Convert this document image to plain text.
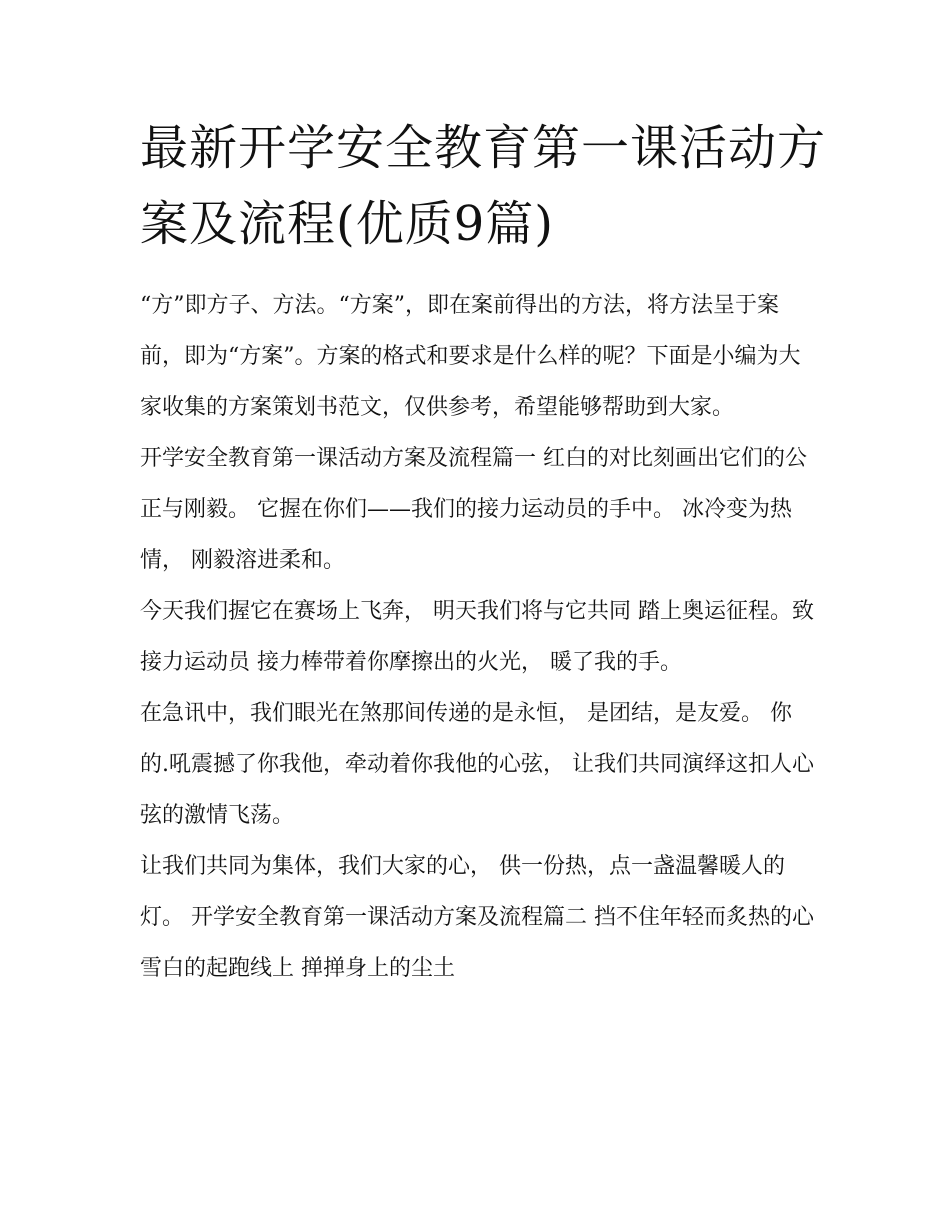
最新开学安全教育第一课活动方案及流程(优质9篇)

“方”即方子、方法。“方案”，即在案前得出的方法，将方法呈于案前，即为“方案”。方案的格式和要求是什么样的呢？下面是小编为大家收集的方案策划书范文，仅供参考，希望能够帮助到大家。

开学安全教育第一课活动方案及流程篇一 红白的对比刻画出它们的公正与刚毅。 它握在你们——我们的接力运动员的手中。 冰冷变为热情， 刚毅溶进柔和。

今天我们握它在赛场上飞奔， 明天我们将与它共同 踏上奥运征程。致接力运动员 接力棒带着你摩擦出的火光， 暖了我的手。

在急讯中，我们眼光在煞那间传递的是永恒， 是团结，是友爱。 你的.吼震撼了你我他，牵动着你我他的心弦， 让我们共同演绎这扣人心弦的激情飞荡。

让我们共同为集体，我们大家的心， 供一份热，点一盏温馨暖人的灯。 开学安全教育第一课活动方案及流程篇二 挡不住年轻而炙热的心 雪白的起跑线上 掸掸身上的尘土
